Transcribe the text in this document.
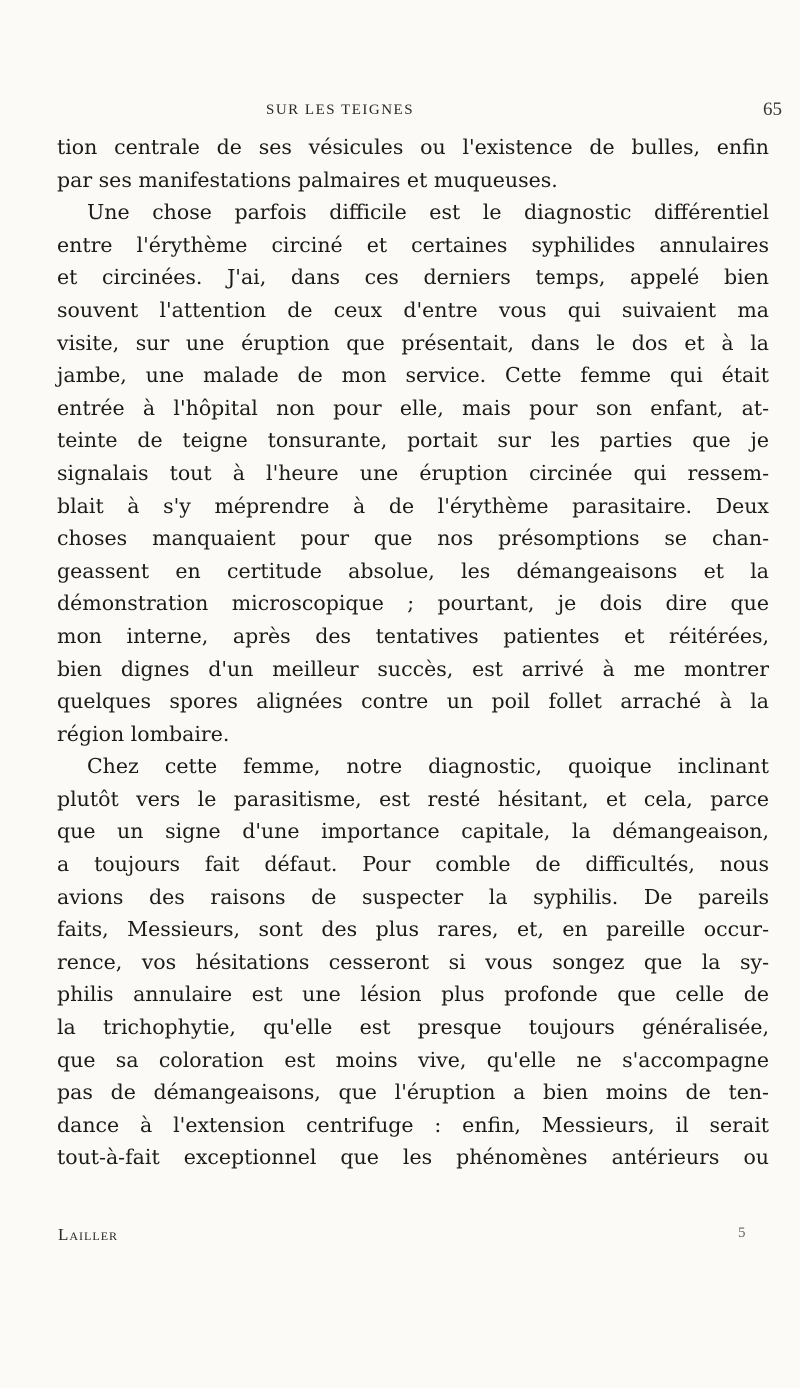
SUR LES TEIGNES	65
tion centrale de ses vésicules ou l'existence de bulles, enfin
par ses manifestations palmaires et muqueuses.
Une chose parfois difficile est le diagnostic différentiel
entre l'érythème circiné et certaines syphilides annulaires
et circinées. J'ai, dans ces derniers temps, appelé bien
souvent l'attention de ceux d'entre vous qui suivaient ma
visite, sur une éruption que présentait, dans le dos et à la
jambe, une malade de mon service. Cette femme qui était
entrée à l'hôpital non pour elle, mais pour son enfant, at-
teinte de teigne tonsurante, portait sur les parties que je
signalais tout à l'heure une éruption circinée qui ressem-
blait à s'y méprendre à de l'érythème parasitaire. Deux
choses manquaient pour que nos présomptions se chan-
geassent en certitude absolue, les démangeaisons et la
démonstration microscopique ; pourtant, je dois dire que
mon interne, après des tentatives patientes et réitérées,
bien dignes d'un meilleur succès, est arrivé à me montrer
quelques spores alignées contre un poil follet arraché à la
région lombaire.
Chez cette femme, notre diagnostic, quoique inclinant
plutôt vers le parasitisme, est resté hésitant, et cela, parce
que un signe d'une importance capitale, la démangeaison,
a toujours fait défaut. Pour comble de difficultés, nous
avions des raisons de suspecter la syphilis. De pareils
faits, Messieurs, sont des plus rares, et, en pareille occur-
rence, vos hésitations cesseront si vous songez que la sy-
philis annulaire est une lésion plus profonde que celle de
la trichophytie, qu'elle est presque toujours généralisée,
que sa coloration est moins vive, qu'elle ne s'accompagne
pas de démangeaisons, que l'éruption a bien moins de ten-
dance à l'extension centrifuge : enfin, Messieurs, il serait
tout-à-fait exceptionnel que les phénomènes antérieurs ou
Lailler	5
